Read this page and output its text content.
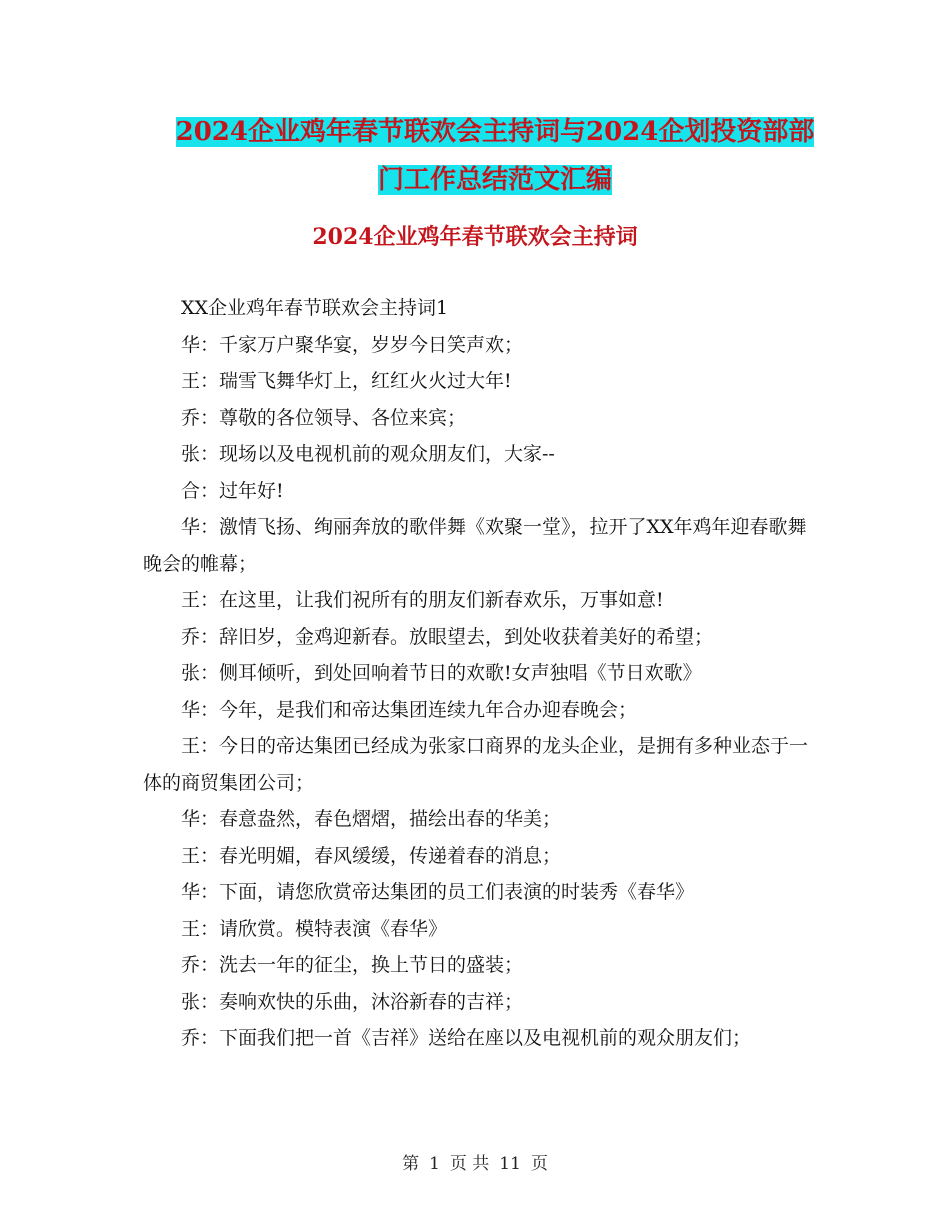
2024企业鸡年春节联欢会主持词与2024企划投资部部
门工作总结范文汇编
2024企业鸡年春节联欢会主持词

XX企业鸡年春节联欢会主持词1

华：千家万户聚华宴，岁岁今日笑声欢；

王：瑞雪飞舞华灯上，红红火火过大年!

乔：尊敬的各位领导、各位来宾；

张：现场以及电视机前的观众朋友们，大家--

合：过年好!

华：激情飞扬、绚丽奔放的歌伴舞《欢聚一堂》，拉开了XX年鸡年迎春歌舞晚会的帷幕；

王：在这里，让我们祝所有的朋友们新春欢乐，万事如意!

乔：辞旧岁，金鸡迎新春。放眼望去，到处收获着美好的希望；

张：侧耳倾听，到处回响着节日的欢歌!女声独唱《节日欢歌》

华：今年，是我们和帝达集团连续九年合办迎春晚会；

王：今日的帝达集团已经成为张家口商界的龙头企业，是拥有多种业态于一体的商贸集团公司；

华：春意盎然，春色熠熠，描绘出春的华美；

王：春光明媚，春风缓缓，传递着春的消息；

华：下面，请您欣赏帝达集团的员工们表演的时装秀《春华》

王：请欣赏。模特表演《春华》

乔：洗去一年的征尘，换上节日的盛装；

张：奏响欢快的乐曲，沐浴新春的吉祥；

乔：下面我们把一首《吉祥》送给在座以及电视机前的观众朋友们；

第 1 页 共 11 页
